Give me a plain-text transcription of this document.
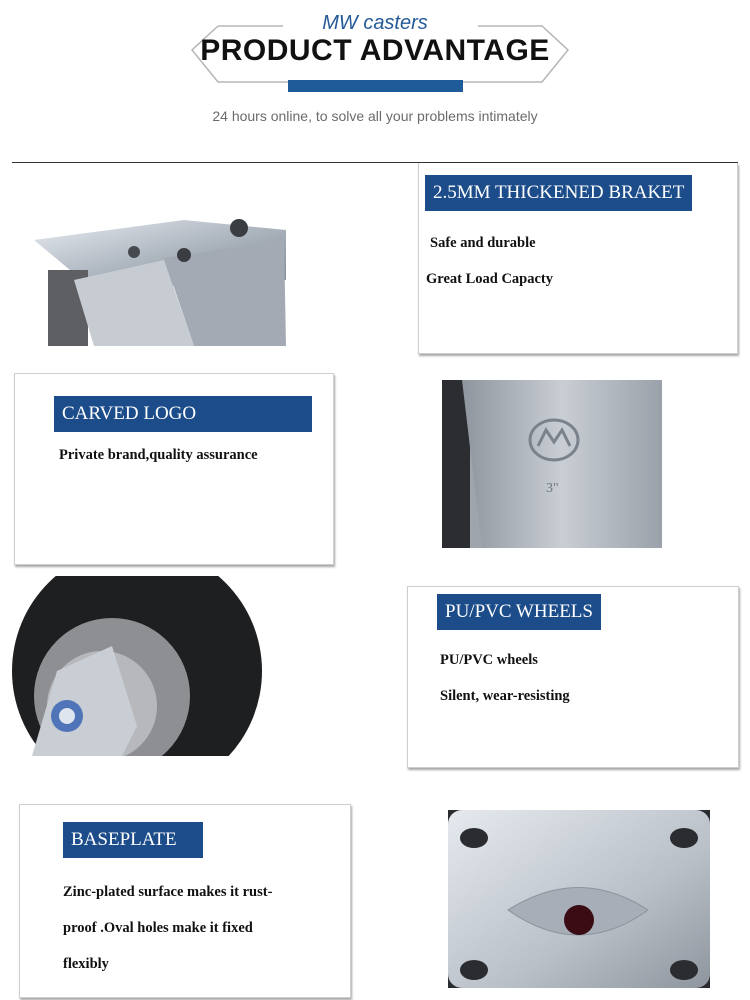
MW casters
PRODUCT ADVANTAGE
24 hours online, to solve all your problems intimately
2.5MM THICKENED BRAKET
Safe and durable
Great Load Capacty
CARVED LOGO
Private brand,quality assurance
3"
PU/PVC WHEELS
PU/PVC wheels
Silent, wear-resisting
BASEPLATE
Zinc-plated surface makes it rust-
proof .Oval holes make it fixed
flexibly
